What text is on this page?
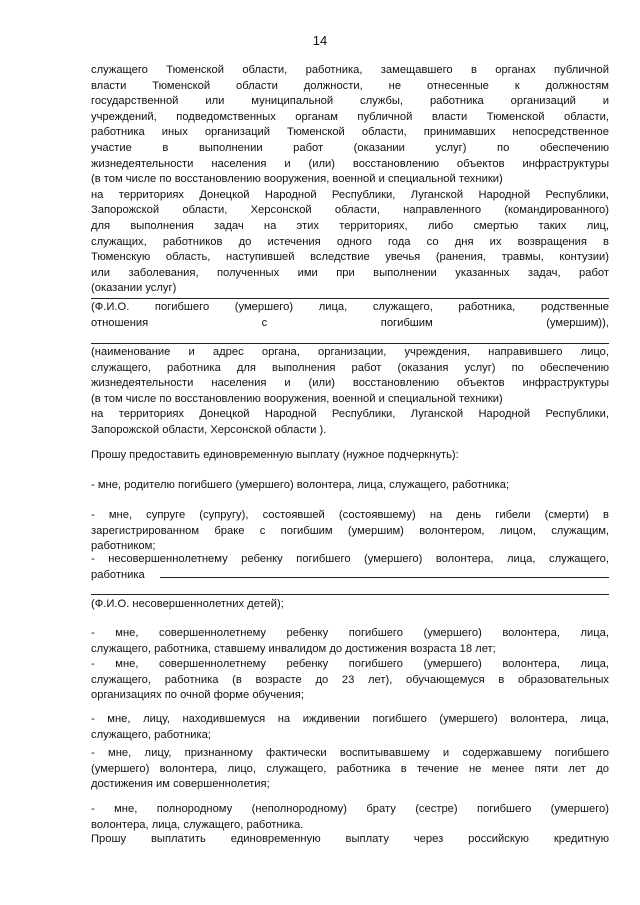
14
служащего Тюменской области, работника, замещавшего в органах публичной
власти Тюменской области должности, не отнесенные к должностям
государственной или муниципальной службы, работника организаций и
учреждений, подведомственных органам публичной власти Тюменской области,
работника иных организаций Тюменской области, принимавших непосредственное
участие в выполнении работ (оказании услуг) по обеспечению
жизнедеятельности населения и (или) восстановлению объектов инфраструктуры
(в том числе по восстановлению вооружения, военной и специальной техники)
на территориях Донецкой Народной Республики, Луганской Народной Республики,
Запорожской области, Херсонской области, направленного (командированного)
для выполнения задач на этих территориях, либо смертью таких лиц,
служащих, работников до истечения одного года со дня их возвращения в
Тюменскую область, наступившей вследствие увечья (ранения, травмы, контузии)
или заболевания, полученных ими при выполнении указанных задач, работ
(оказании услуг)
(Ф.И.О. погибшего (умершего) лица, служащего, работника, родственные
отношения с погибшим (умершим)),
(наименование и адрес органа, организации, учреждения, направившего лицо,
служащего, работника для выполнения работ (оказания услуг) по обеспечению
жизнедеятельности населения и (или) восстановлению объектов инфраструктуры
(в том числе по восстановлению вооружения, военной и специальной техники)
на территориях Донецкой Народной Республики, Луганской Народной Республики,
Запорожской области, Херсонской области ).
Прошу предоставить единовременную выплату (нужное подчеркнуть):
- мне, родителю погибшего (умершего) волонтера, лица, служащего, работника;
- мне, супруге (супругу), состоявшей (состоявшему) на день гибели (смерти) в
зарегистрированном браке с погибшим (умершим) волонтером, лицом, служащим,
работником;
- несовершеннолетнему ребенку погибшего (умершего) волонтера, лица, служащего,
работника
(Ф.И.О. несовершеннолетних детей);
- мне, совершеннолетнему ребенку погибшего (умершего) волонтера, лица,
служащего, работника, ставшему инвалидом до достижения возраста 18 лет;
- мне, совершеннолетнему ребенку погибшего (умершего) волонтера, лица,
служащего, работника (в возрасте до 23 лет), обучающемуся в образовательных
организациях по очной форме обучения;
- мне, лицу, находившемуся на иждивении погибшего (умершего) волонтера, лица,
служащего, работника;
- мне, лицу, признанному фактически воспитывавшему и содержавшему погибшего
(умершего) волонтера, лицо, служащего, работника в течение не менее пяти лет до
достижения им совершеннолетия;
- мне, полнородному (неполнородному) брату (сестре) погибшего (умершего)
волонтера, лица, служащего, работника.
Прошу выплатить единовременную выплату через российскую кредитную
